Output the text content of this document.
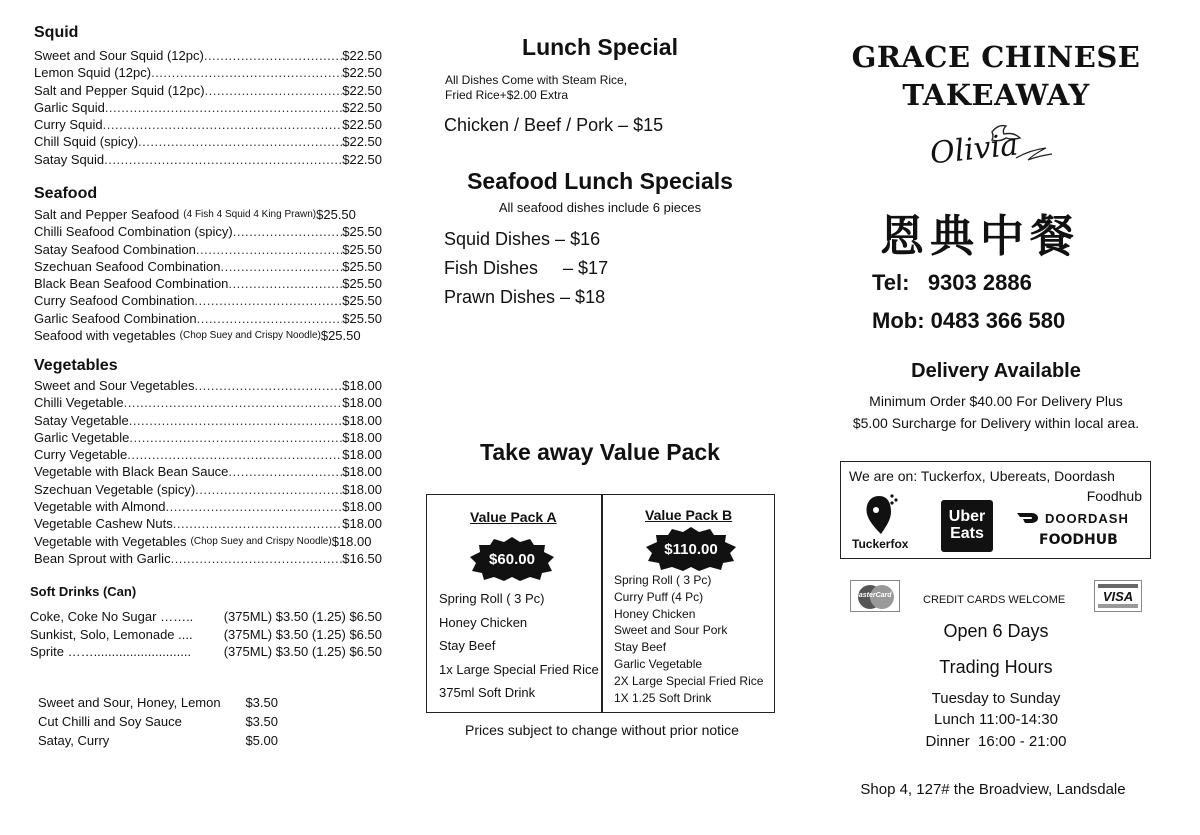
Squid
Sweet and Sour Squid (12pc) .....	$22.50
Lemon Squid (12pc) .....	$22.50
Salt and Pepper Squid (12pc) .....	$22.50
Garlic Squid .....	$22.50
Curry Squid .....	$22.50
Chill Squid (spicy) .....	$22.50
Satay Squid .....	$22.50
Seafood
Salt and Pepper Seafood (4 Fish 4 Squid 4 King Prawn) $25.50
Chilli Seafood Combination (spicy) .....	$25.50
Satay Seafood Combination .....	$25.50
Szechuan Seafood Combination .....	$25.50
Black Bean Seafood Combination .....	$25.50
Curry Seafood Combination .....	$25.50
Garlic Seafood Combination .....	$25.50
Seafood with vegetables (Chop Suey and Crispy Noodle) $25.50
Vegetables
Sweet and Sour Vegetables .....	$18.00
Chilli Vegetable .....	$18.00
Satay Vegetable .....	$18.00
Garlic Vegetable .....	$18.00
Curry Vegetable .....	$18.00
Vegetable with Black Bean Sauce .....	$18.00
Szechuan Vegetable (spicy) .....	$18.00
Vegetable with Almond .....	$18.00
Vegetable Cashew Nuts .....	$18.00
Vegetable with Vegetables (Chop Suey and Crispy Noodle) $18.00
Bean Sprout with Garlic .....	$16.50
Soft Drinks (Can)
Coke, Coke No Sugar ……..	(375ML) $3.50 (1.25) $6.50
Sunkist, Solo, Lemonade ....	(375ML) $3.50 (1.25) $6.50
Sprite ……...........................	(375ML) $3.50 (1.25) $6.50
Sweet and Sour, Honey, Lemon $3.50
Cut Chilli and Soy Sauce	$3.50
Satay, Curry	$5.00
Lunch Special
All Dishes Come with Steam Rice,
Fried Rice+$2.00 Extra
Chicken / Beef / Pork – $15
Seafood Lunch Specials
All seafood dishes include 6 pieces
Squid Dishes – $16
Fish Dishes     – $17
Prawn Dishes – $18
Take away Value Pack
Value Pack A
$60.00
Spring Roll ( 3 Pc)
Honey Chicken
Stay Beef
1x Large Special Fried Rice
375ml Soft Drink
Value Pack B
$110.00
Spring Roll ( 3 Pc)
Curry Puff (4 Pc)
Honey Chicken
Sweet and Sour Pork
Stay Beef
Garlic Vegetable
2X Large Special Fried Rice
1X 1.25 Soft Drink
Prices subject to change without prior notice
GRACE CHINESE
TAKEAWAY
Olivia
恩典中餐
Tel:   9303 2886
Mob: 0483 366 580
Delivery Available
Minimum Order $40.00 For Delivery Plus
$5.00 Surcharge for Delivery within local area.
We are on: Tuckerfox, Ubereats, Doordash
Foodhub
Tuckerfox
Uber
Eats
DOORDASH
FOODHUB
MasterCard	CREDIT CARDS WELCOME	VISA
Open 6 Days
Trading Hours
Tuesday to Sunday
Lunch 11:00-14:30
Dinner  16:00 - 21:00
Shop 4, 127# the Broadview, Landsdale
